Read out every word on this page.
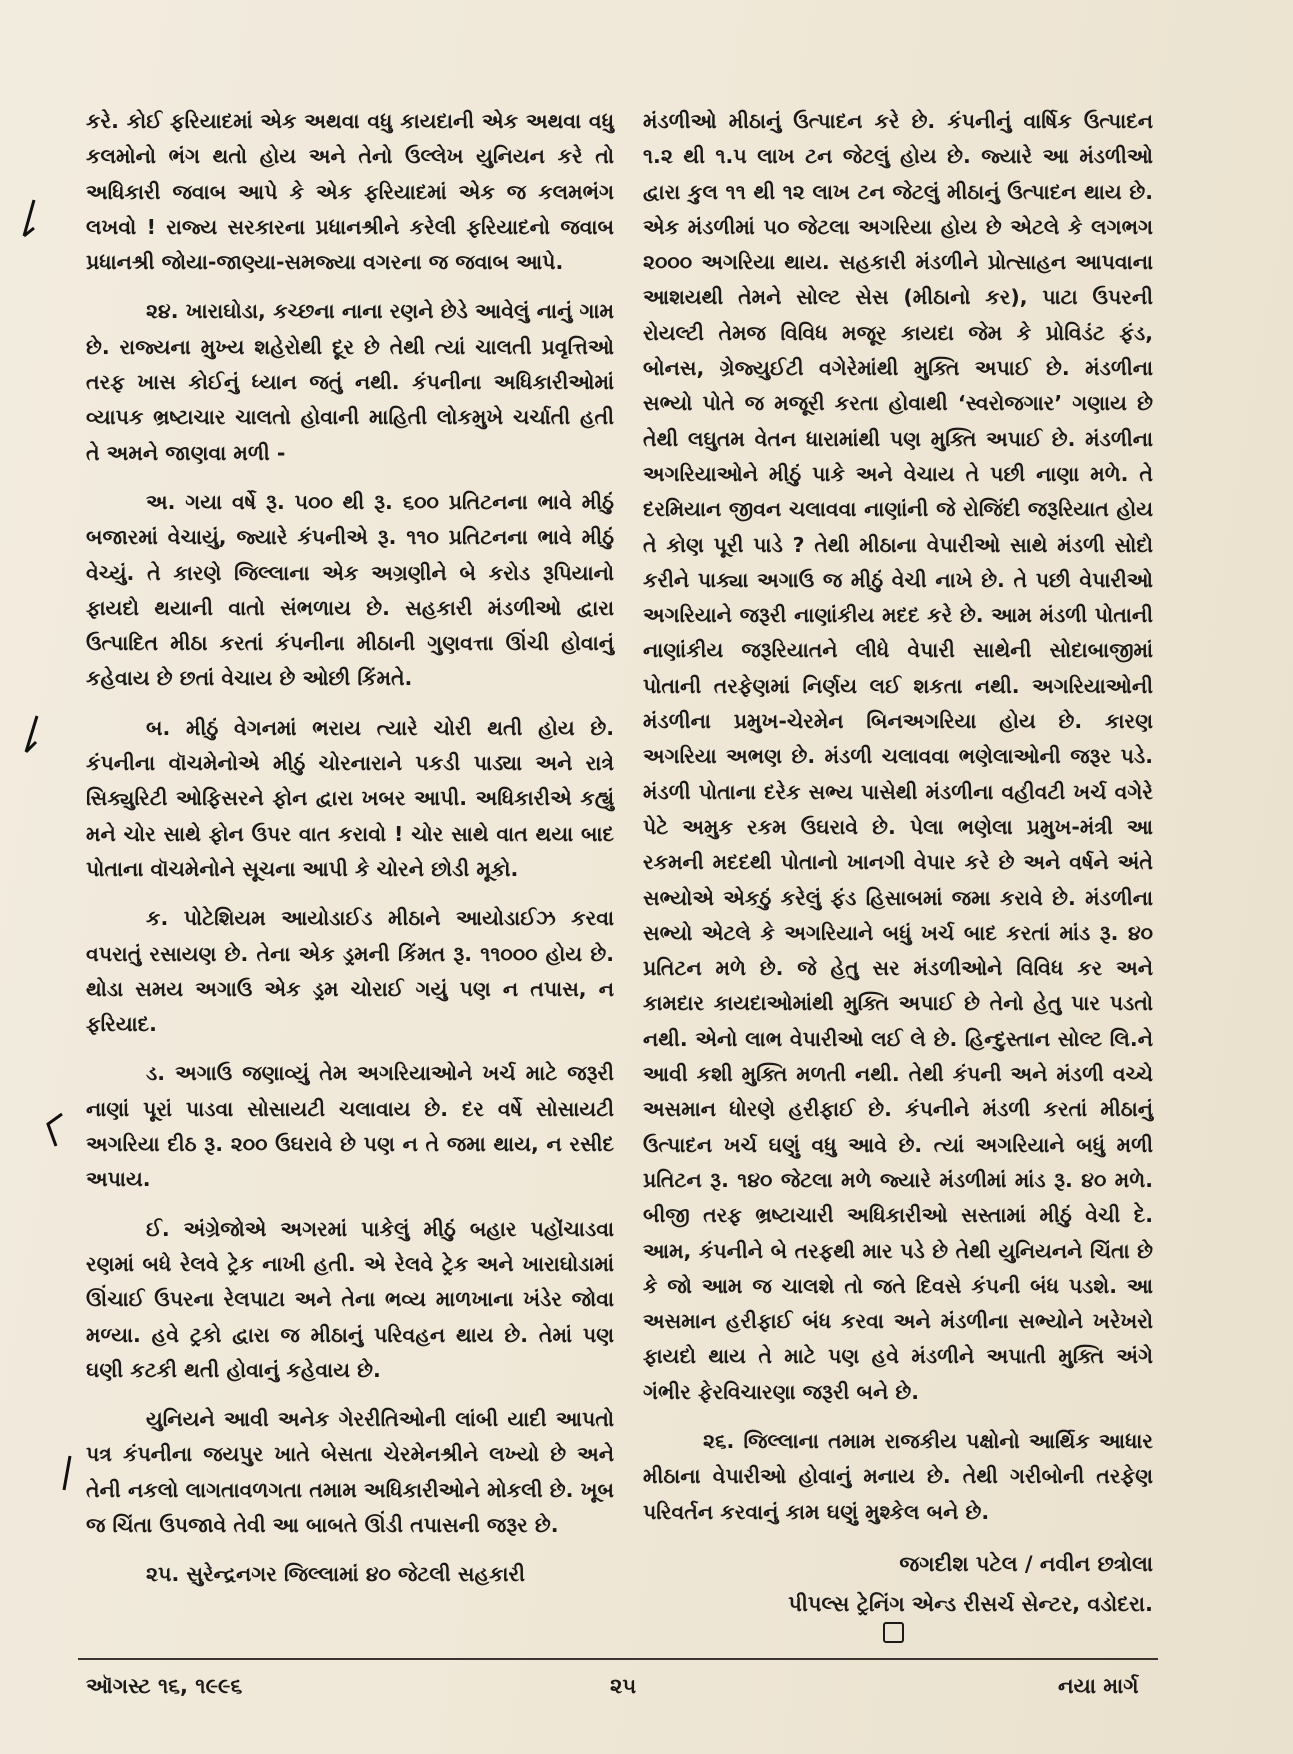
કરે. કોઈ ફરિયાદમાં એક અથવા વધુ કાયદાની એક અથવા વધુ કલમોનો ભંગ થતો હોય અને તેનો ઉલ્લેખ યુનિયન કરે તો અધિકારી જવાબ આપે કે એક ફરિયાદમાં એક જ કલમભંગ લખવો ! રાજ્ય સરકારના પ્રધાનશ્રીને કરેલી ફરિયાદનો જવાબ પ્રધાનશ્રી જોયા-જાણ્યા-સમજ્યા વગરના જ જવાબ આપે.

૨૪. ખારાઘોડા, કચ્છના નાના રણને છેડે આવેલું નાનું ગામ છે. રાજ્યના મુખ્ય શહેરોથી દૂર છે તેથી ત્યાં ચાલતી પ્રવૃત્તિઓ તરફ ખાસ કોઈનું ધ્યાન જતું નથી. કંપનીના અધિકારીઓમાં વ્યાપક ભ્રષ્ટાચાર ચાલતો હોવાની માહિતી લોકમુખે ચર્ચાતી હતી તે અમને જાણવા મળી -

અ. ગયા વર્ષે રૂ. ૫૦૦ થી રૂ. ૬૦૦ પ્રતિટનના ભાવે મીઠું બજારમાં વેચાયું, જ્યારે કંપનીએ રૂ. ૧૧૦ પ્રતિટનના ભાવે મીઠું વેચ્યું. તે કારણે જિલ્લાના એક અગ્રણીને બે કરોડ રૂપિયાનો ફાયદો થયાની વાતો સંભળાય છે. સહકારી મંડળીઓ દ્વારા ઉત્પાદિત મીઠા કરતાં કંપનીના મીઠાની ગુણવત્તા ઊંચી હોવાનું કહેવાય છે છતાં વેચાય છે ઓછી કિંમતે.

બ. મીઠું વેગનમાં ભરાય ત્યારે ચોરી થતી હોય છે. કંપનીના વૉચમેનોએ મીઠું ચોરનારાને પકડી પાડ્યા અને રાત્રે સિક્યુરિટી ઓફિસરને ફોન દ્વારા ખબર આપી. અધિકારીએ કહ્યું મને ચોર સાથે ફોન ઉપર વાત કરાવો ! ચોર સાથે વાત થયા બાદ પોતાના વૉચમેનોને સૂચના આપી કે ચોરને છોડી મૂકો.

ક. પોટેશિયમ આયોડાઈડ મીઠાને આયોડાઈઝ કરવા વપરાતું રસાયણ છે. તેના એક ડ્રમની કિંમત રૂ. ૧૧૦૦૦ હોય છે. થોડા સમય અગાઉ એક ડ્રમ ચોરાઈ ગયું પણ ન તપાસ, ન ફરિયાદ.

ડ. અગાઉ જણાવ્યું તેમ અગરિયાઓને ખર્ચ માટે જરૂરી નાણાં પૂરાં પાડવા સોસાયટી ચલાવાય છે. દર વર્ષે સોસાયટી અગરિયા દીઠ રૂ. ૨૦૦ ઉઘરાવે છે પણ ન તે જમા થાય, ન રસીદ અપાય.

ઈ. અંગ્રેજોએ અગરમાં પાકેલું મીઠું બહાર પહોંચાડવા રણમાં બધે રેલવે ટ્રેક નાખી હતી. એ રેલવે ટ્રેક અને ખારાઘોડામાં ઊંચાઈ ઉપરના રેલપાટા અને તેના ભવ્ય માળખાના ખંડેર જોવા મળ્યા. હવે ટ્રકો દ્વારા જ મીઠાનું પરિવહન થાય છે. તેમાં પણ ઘણી કટકી થતી હોવાનું કહેવાય છે.

યુનિયને આવી અનેક ગેરરીતિઓની લાંબી યાદી આપતો પત્ર કંપનીના જયપુર ખાતે બેસતા ચેરમેનશ્રીને લખ્યો છે અને તેની નકલો લાગતાવળગતા તમામ અધિકારીઓને મોકલી છે. ખૂબ જ ચિંતા ઉપજાવે તેવી આ બાબતે ઊંડી તપાસની જરૂર છે.

૨૫. સુરેન્દ્રનગર જિલ્લામાં ૪૦ જેટલી સહકારી

મંડળીઓ મીઠાનું ઉત્પાદન કરે છે. કંપનીનું વાર્ષિક ઉત્પાદન ૧.૨ થી ૧.૫ લાખ ટન જેટલું હોય છે. જ્યારે આ મંડળીઓ દ્વારા કુલ ૧૧ થી ૧૨ લાખ ટન જેટલું મીઠાનું ઉત્પાદન થાય છે. એક મંડળીમાં ૫૦ જેટલા અગરિયા હોય છે એટલે કે લગભગ ૨૦૦૦ અગરિયા થાય. સહકારી મંડળીને પ્રોત્સાહન આપવાના આશયથી તેમને સોલ્ટ સેસ (મીઠાનો કર), પાટા ઉપરની રોયલ્ટી તેમજ વિવિધ મજૂર કાયદા જેમ કે પ્રોવિડંટ ફંડ, બોનસ, ગ્રેજ્યુઈટી વગેરેમાંથી મુક્તિ અપાઈ છે. મંડળીના સભ્યો પોતે જ મજૂરી કરતા હોવાથી ‘સ્વરોજગાર’ ગણાય છે તેથી લઘુતમ વેતન ધારામાંથી પણ મુક્તિ અપાઈ છે. મંડળીના અગરિયાઓને મીઠું પાકે અને વેચાય તે પછી નાણા મળે. તે દરમિયાન જીવન ચલાવવા નાણાંની જે રોજિંદી જરૂરિયાત હોય તે કોણ પૂરી પાડે ? તેથી મીઠાના વેપારીઓ સાથે મંડળી સોદો કરીને પાક્યા અગાઉ જ મીઠું વેચી નાખે છે. તે પછી વેપારીઓ અગરિયાને જરૂરી નાણાંકીય મદદ કરે છે. આમ મંડળી પોતાની નાણાંકીય જરૂરિયાતને લીધે વેપારી સાથેની સોદાબાજીમાં પોતાની તરફેણમાં નિર્ણય લઈ શકતા નથી. અગરિયાઓની મંડળીના પ્રમુખ-ચેરમેન બિનઅગરિયા હોય છે. કારણ અગરિયા અભણ છે. મંડળી ચલાવવા ભણેલાઓની જરૂર પડે. મંડળી પોતાના દરેક સભ્ય પાસેથી મંડળીના વહીવટી ખર્ચ વગેરે પેટે અમુક રકમ ઉઘરાવે છે. પેલા ભણેલા પ્રમુખ-મંત્રી આ રકમની મદદથી પોતાનો ખાનગી વેપાર કરે છે અને વર્ષને અંતે સભ્યોએ એકઠું કરેલું ફંડ હિસાબમાં જમા કરાવે છે. મંડળીના સભ્યો એટલે કે અગરિયાને બધું ખર્ચ બાદ કરતાં માંડ રૂ. ૪૦ પ્રતિટન મળે છે. જે હેતુ સર મંડળીઓને વિવિધ કર અને કામદાર કાયદાઓમાંથી મુક્તિ અપાઈ છે તેનો હેતુ પાર પડતો નથી. એનો લાભ વેપારીઓ લઈ લે છે. હિન્દુસ્તાન સોલ્ટ લિ.ને આવી કશી મુક્તિ મળતી નથી. તેથી કંપની અને મંડળી વચ્ચે અસમાન ધોરણે હરીફાઈ છે. કંપનીને મંડળી કરતાં મીઠાનું ઉત્પાદન ખર્ચ ઘણું વધુ આવે છે. ત્યાં અગરિયાને બધું મળી પ્રતિટન રૂ. ૧૪૦ જેટલા મળે જ્યારે મંડળીમાં માંડ રૂ. ૪૦ મળે. બીજી તરફ ભ્રષ્ટાચારી અધિકારીઓ સસ્તામાં મીઠું વેચી દે. આમ, કંપનીને બે તરફથી માર પડે છે તેથી યુનિયનને ચિંતા છે કે જો આમ જ ચાલશે તો જતે દિવસે કંપની બંધ પડશે. આ અસમાન હરીફાઈ બંધ કરવા અને મંડળીના સભ્યોને ખરેખરો ફાયદો થાય તે માટે પણ હવે મંડળીને અપાતી મુક્તિ અંગે ગંભીર ફેરવિચારણા જરૂરી બને છે.

૨૬. જિલ્લાના તમામ રાજકીય પક્ષોનો આર્થિક આધાર મીઠાના વેપારીઓ હોવાનું મનાય છે. તેથી ગરીબોની તરફેણ પરિવર્તન કરવાનું કામ ઘણું મુશ્કેલ બને છે.

જગદીશ પટેલ / નવીન છત્રોલા
પીપલ્સ ટ્રેનિંગ એન્ડ રીસર્ચ સેન્ટર, વડોદરા.
ઑગસ્ટ ૧૬, ૧૯૯૬	૨૫	નયા માર્ગ
